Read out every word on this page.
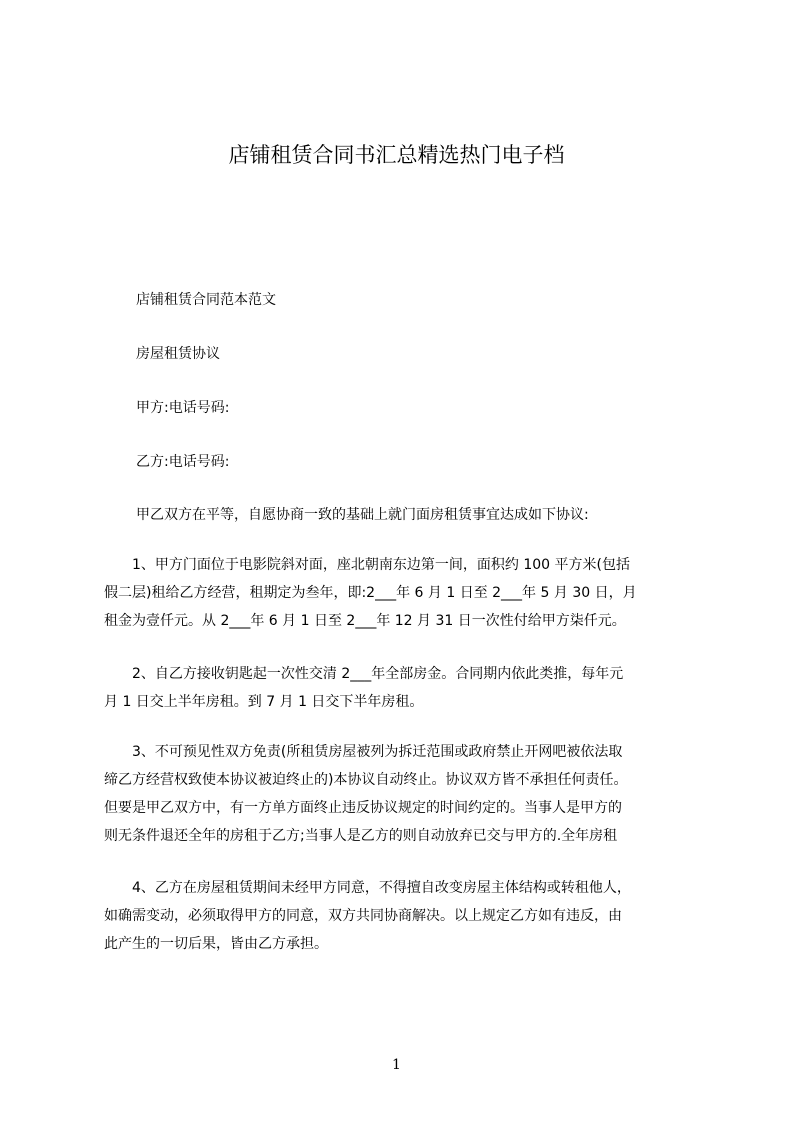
店铺租赁合同书汇总精选热门电子档
店铺租赁合同范本范文
房屋租赁协议
甲方:电话号码:
乙方:电话号码:
甲乙双方在平等，自愿协商一致的基础上就门面房租赁事宜达成如下协议:
　　1、甲方门面位于电影院斜对面，座北朝南东边第一间，面积约 100 平方米(包括
假二层)租给乙方经营，租期定为叁年，即:2___年 6 月 1 日至 2___年 5 月 30 日，月
租金为壹仟元。从 2___年 6 月 1 日至 2___年 12 月 31 日一次性付给甲方柒仟元。
　　2、自乙方接收钥匙起一次性交清 2___年全部房金。合同期内依此类推，每年元
月 1 日交上半年房租。到 7 月 1 日交下半年房租。
　　3、不可预见性双方免责(所租赁房屋被列为拆迁范围或政府禁止开网吧被依法取
缔乙方经营权致使本协议被迫终止的)本协议自动终止。协议双方皆不承担任何责任。
但要是甲乙双方中，有一方单方面终止违反协议规定的时间约定的。当事人是甲方的
则无条件退还全年的房租于乙方;当事人是乙方的则自动放弃已交与甲方的.全年房租
　　4、乙方在房屋租赁期间未经甲方同意，不得擅自改变房屋主体结构或转租他人，
如确需变动，必须取得甲方的同意，双方共同协商解决。以上规定乙方如有违反，由
此产生的一切后果，皆由乙方承担。
1
